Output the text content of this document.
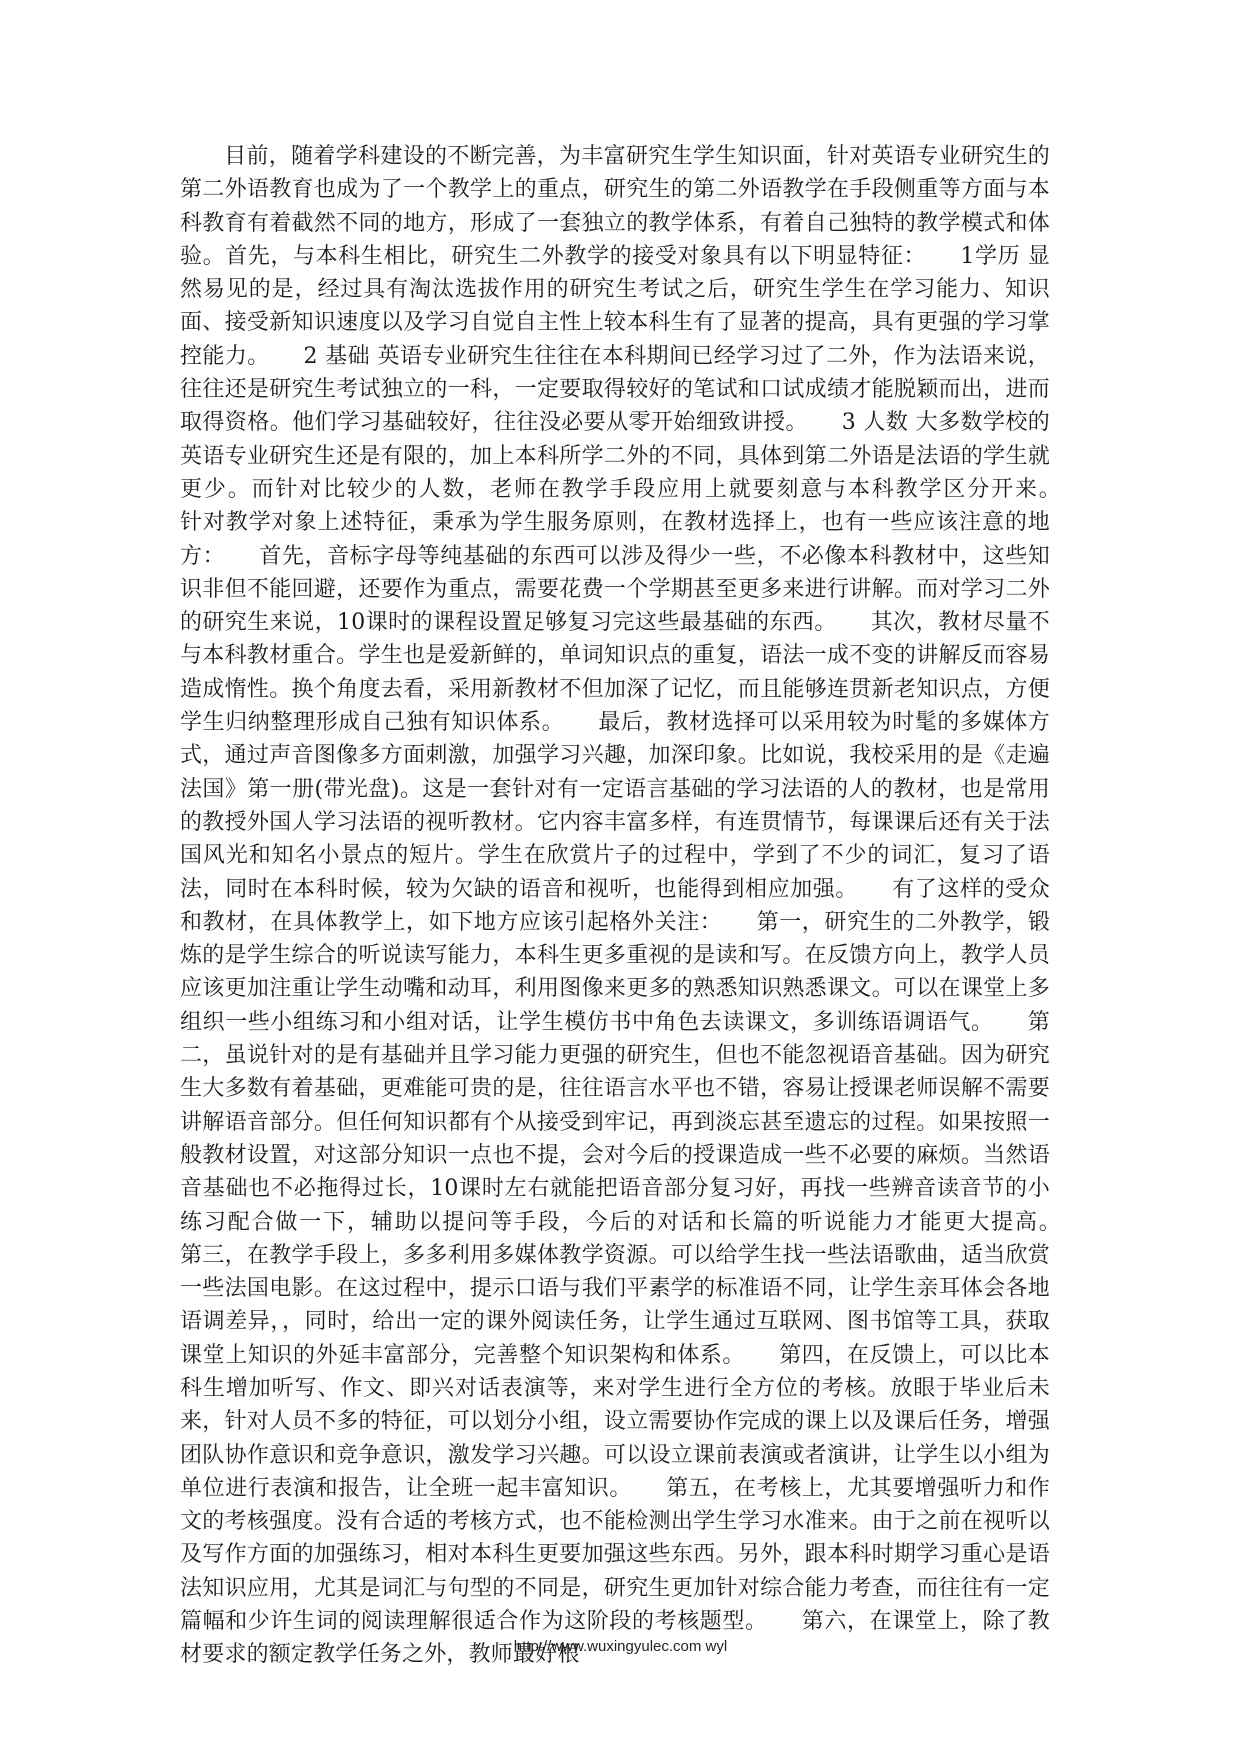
目前，随着学科建设的不断完善，为丰富研究生学生知识面，针对英语专业研究生的第二外语教育也成为了一个教学上的重点，研究生的第二外语教学在手段侧重等方面与本科教育有着截然不同的地方，形成了一套独立的教学体系，有着自己独特的教学模式和体验。首先，与本科生相比，研究生二外教学的接受对象具有以下明显特征：　　1学历 显然易见的是，经过具有淘汰选拔作用的研究生考试之后，研究生学生在学习能力、知识面、接受新知识速度以及学习自觉自主性上较本科生有了显著的提高，具有更强的学习掌控能力。　　2 基础 英语专业研究生往往在本科期间已经学习过了二外，作为法语来说，往往还是研究生考试独立的一科，一定要取得较好的笔试和口试成绩才能脱颖而出，进而取得资格。他们学习基础较好，往往没必要从零开始细致讲授。　　3 人数 大多数学校的英语专业研究生还是有限的，加上本科所学二外的不同，具体到第二外语是法语的学生就更少。而针对比较少的人数，老师在教学手段应用上就要刻意与本科教学区分开来。　　针对教学对象上述特征，秉承为学生服务原则，在教材选择上，也有一些应该注意的地方：　　首先，音标字母等纯基础的东西可以涉及得少一些，不必像本科教材中，这些知识非但不能回避，还要作为重点，需要花费一个学期甚至更多来进行讲解。而对学习二外的研究生来说，10课时的课程设置足够复习完这些最基础的东西。　　其次，教材尽量不与本科教材重合。学生也是爱新鲜的，单词知识点的重复，语法一成不变的讲解反而容易造成惰性。换个角度去看，采用新教材不但加深了记忆，而且能够连贯新老知识点，方便学生归纳整理形成自己独有知识体系。　　最后，教材选择可以采用较为时髦的多媒体方式，通过声音图像多方面刺激，加强学习兴趣，加深印象。比如说，我校采用的是《走遍法国》第一册(带光盘)。这是一套针对有一定语言基础的学习法语的人的教材，也是常用的教授外国人学习法语的视听教材。它内容丰富多样，有连贯情节，每课课后还有关于法国风光和知名小景点的短片。学生在欣赏片子的过程中，学到了不少的词汇，复习了语法，同时在本科时候，较为欠缺的语音和视听，也能得到相应加强。　　有了这样的受众和教材，在具体教学上，如下地方应该引起格外关注：　　第一，研究生的二外教学，锻炼的是学生综合的听说读写能力，本科生更多重视的是读和写。在反馈方向上，教学人员应该更加注重让学生动嘴和动耳，利用图像来更多的熟悉知识熟悉课文。可以在课堂上多组织一些小组练习和小组对话，让学生模仿书中角色去读课文，多训练语调语气。　　第二，虽说针对的是有基础并且学习能力更强的研究生，但也不能忽视语音基础。因为研究生大多数有着基础，更难能可贵的是，往往语言水平也不错，容易让授课老师误解不需要讲解语音部分。但任何知识都有个从接受到牢记，再到淡忘甚至遗忘的过程。如果按照一般教材设置，对这部分知识一点也不提，会对今后的授课造成一些不必要的麻烦。当然语音基础也不必拖得过长，10课时左右就能把语音部分复习好，再找一些辨音读音节的小练习配合做一下，辅助以提问等手段，今后的对话和长篇的听说能力才能更大提高。　　第三，在教学手段上，多多利用多媒体教学资源。可以给学生找一些法语歌曲，适当欣赏一些法国电影。在这过程中，提示口语与我们平素学的标准语不同，让学生亲耳体会各地语调差异，，同时，给出一定的课外阅读任务，让学生通过互联网、图书馆等工具，获取课堂上知识的外延丰富部分，完善整个知识架构和体系。　　第四，在反馈上，可以比本科生增加听写、作文、即兴对话表演等，来对学生进行全方位的考核。放眼于毕业后未来，针对人员不多的特征，可以划分小组，设立需要协作完成的课上以及课后任务，增强团队协作意识和竞争意识，激发学习兴趣。可以设立课前表演或者演讲，让学生以小组为单位进行表演和报告，让全班一起丰富知识。　　第五，在考核上，尤其要增强听力和作文的考核强度。没有合适的考核方式，也不能检测出学生学习水准来。由于之前在视听以及写作方面的加强练习，相对本科生更要加强这些东西。另外，跟本科时期学习重心是语法知识应用，尤其是词汇与句型的不同是，研究生更加针对综合能力考查，而往往有一定篇幅和少许生词的阅读理解很适合作为这阶段的考核题型。　　第六，在课堂上，除了教材要求的额定教学任务之外，教师最好根

http://www.wuxingyulec.com wyl
